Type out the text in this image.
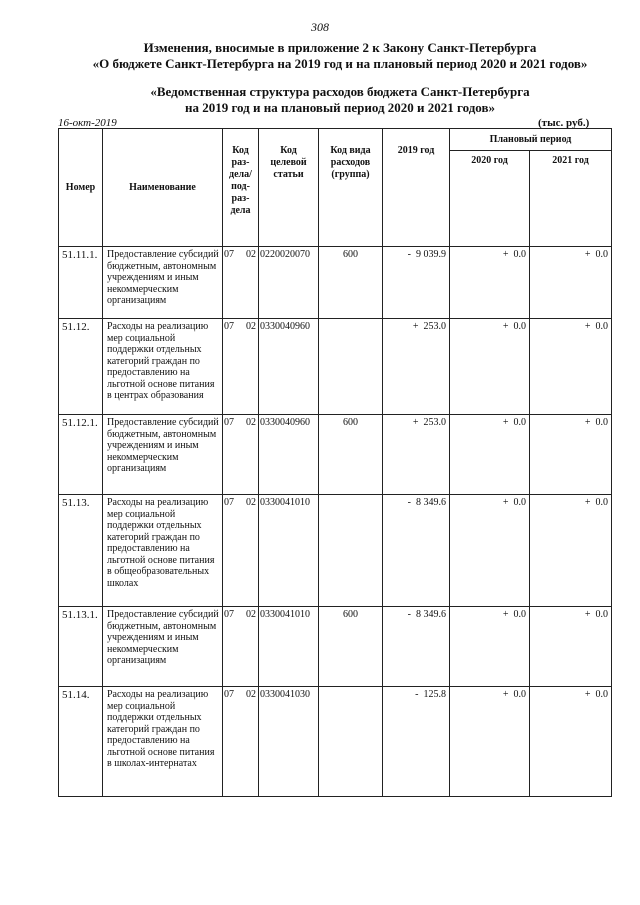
308
Изменения, вносимые в приложение 2 к Закону Санкт-Петербурга
«О бюджете Санкт-Петербурга на 2019 год и на плановый период 2020 и 2021 годов»
«Ведомственная структура расходов бюджета Санкт-Петербурга
на 2019 год и на плановый период 2020 и 2021 годов»
16-окт-2019	(тыс. руб.)
Номер	Наименование	Код раз-дела/ под-раз-дела	Код целевой статьи	Код вида расходов (группа)	2019 год	Плановый период	
						2020 год	2021 год
51.11.1.	Предоставление субсидий бюджетным, автономным учреждениям и иным некоммерческим организациям	07 02	0220020070	600	-  9 039.9	+  0.0	+  0.0
51.12.	Расходы на реализацию мер социальной поддержки отдельных категорий граждан по предоставлению на льготной основе питания в центрах образования	07 02	0330040960		+  253.0	+  0.0	+  0.0
51.12.1.	Предоставление субсидий бюджетным, автономным учреждениям и иным некоммерческим организациям	07 02	0330040960	600	+  253.0	+  0.0	+  0.0
51.13.	Расходы на реализацию мер социальной поддержки отдельных категорий граждан по предоставлению на льготной основе питания в общеобразовательных школах	07 02	0330041010		-  8 349.6	+  0.0	+  0.0
51.13.1.	Предоставление субсидий бюджетным, автономным учреждениям и иным некоммерческим организациям	07 02	0330041010	600	-  8 349.6	+  0.0	+  0.0
51.14.	Расходы на реализацию мер социальной поддержки отдельных категорий граждан по предоставлению на льготной основе питания в школах-интернатах	07 02	0330041030		-  125.8	+  0.0	+  0.0
